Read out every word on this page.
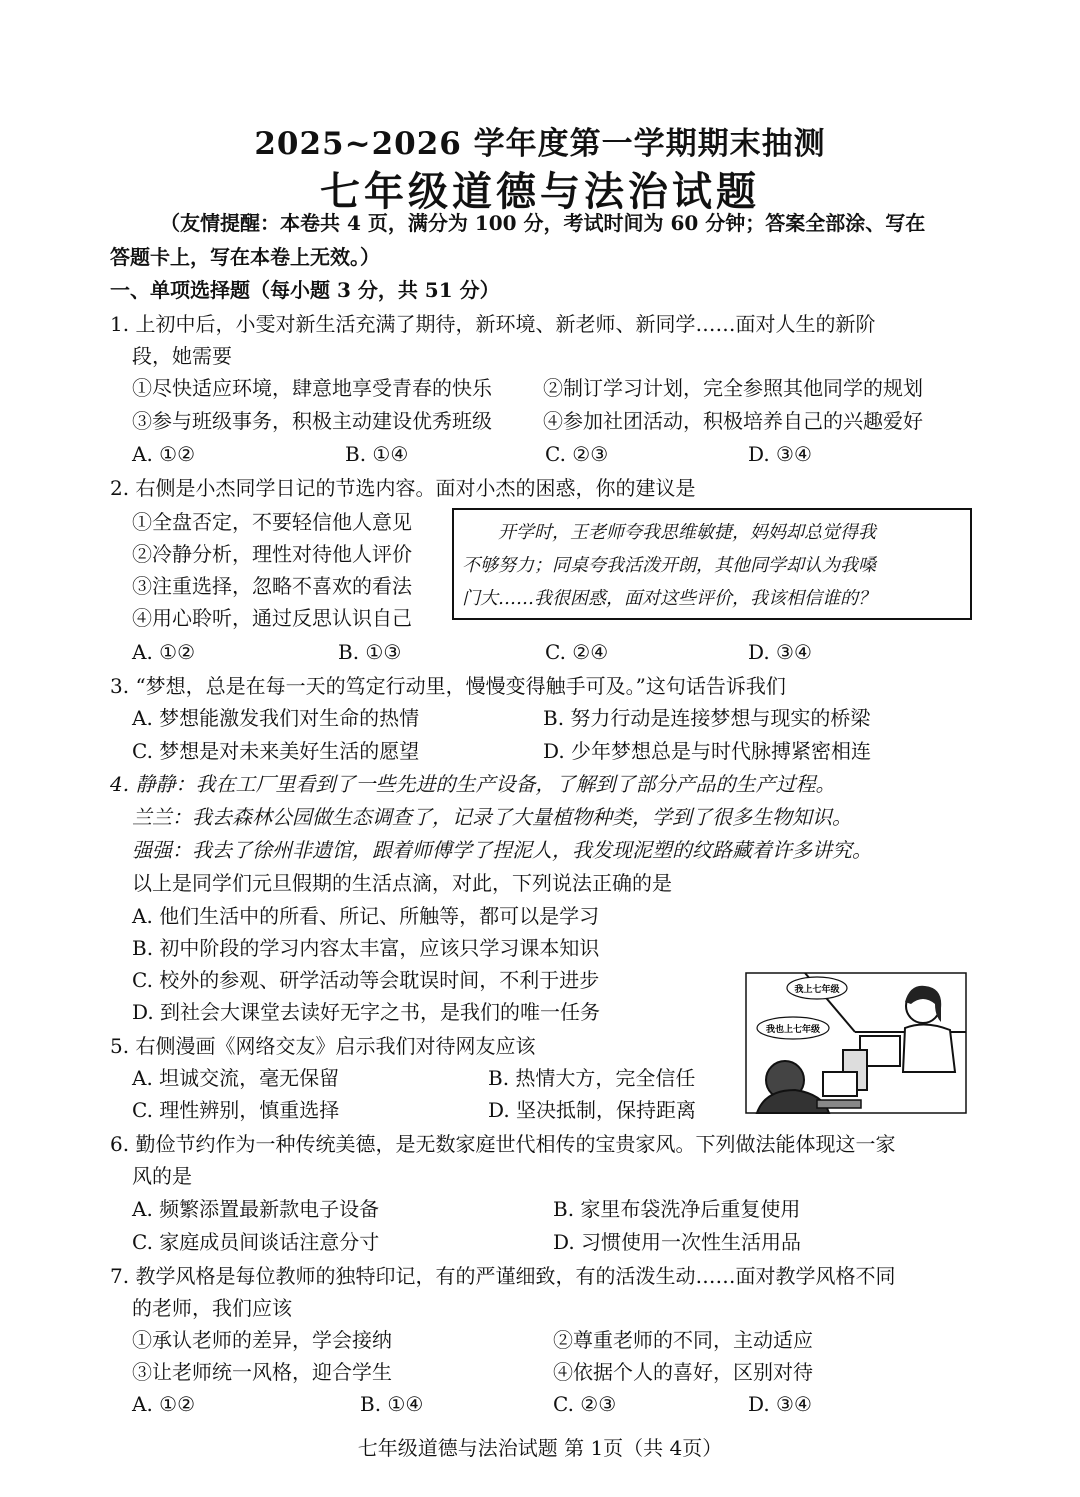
2025~2026 学年度第一学期期末抽测
七年级道德与法治试题
（友情提醒：本卷共 4 页，满分为 100 分，考试时间为 60 分钟；答案全部涂、写在
答题卡上，写在本卷上无效。）
一、单项选择题（每小题 3 分，共 51 分）
1. 上初中后，小雯对新生活充满了期待，新环境、新老师、新同学……面对人生的新阶
段，她需要
①尽快适应环境，肆意地享受青春的快乐	②制订学习计划，完全参照其他同学的规划
③参与班级事务，积极主动建设优秀班级	④参加社团活动，积极培养自己的兴趣爱好
A. ①②	B. ①④	C. ②③	D. ③④
2. 右侧是小杰同学日记的节选内容。面对小杰的困惑，你的建议是
①全盘否定，不要轻信他人意见
②冷静分析，理性对待他人评价
③注重选择，忽略不喜欢的看法
④用心聆听，通过反思认识自己
开学时，王老师夸我思维敏捷，妈妈却总觉得我
不够努力；同桌夸我活泼开朗，其他同学却认为我嗓
门大……我很困惑，面对这些评价，我该相信谁的？
A. ①②	B. ①③	C. ②④	D. ③④
3. “梦想，总是在每一天的笃定行动里，慢慢变得触手可及。”这句话告诉我们
A. 梦想能激发我们对生命的热情	B. 努力行动是连接梦想与现实的桥梁
C. 梦想是对未来美好生活的愿望	D. 少年梦想总是与时代脉搏紧密相连
4. 静静：我在工厂里看到了一些先进的生产设备，了解到了部分产品的生产过程。
兰兰：我去森林公园做生态调查了，记录了大量植物种类，学到了很多生物知识。
强强：我去了徐州非遗馆，跟着师傅学了捏泥人，我发现泥塑的纹路藏着许多讲究。
以上是同学们元旦假期的生活点滴，对此，下列说法正确的是
A. 他们生活中的所看、所记、所触等，都可以是学习
B. 初中阶段的学习内容太丰富，应该只学习课本知识
C. 校外的参观、研学活动等会耽误时间，不利于进步
D. 到社会大课堂去读好无字之书，是我们的唯一任务
5. 右侧漫画《网络交友》启示我们对待网友应该
A. 坦诚交流，毫无保留	B. 热情大方，完全信任
C. 理性辨别，慎重选择	D. 坚决抵制，保持距离
我上七年级
我也上七年级
6. 勤俭节约作为一种传统美德，是无数家庭世代相传的宝贵家风。下列做法能体现这一家
风的是
A. 频繁添置最新款电子设备	B. 家里布袋洗净后重复使用
C. 家庭成员间谈话注意分寸	D. 习惯使用一次性生活用品
7. 教学风格是每位教师的独特印记，有的严谨细致，有的活泼生动……面对教学风格不同
的老师，我们应该
①承认老师的差异，学会接纳	②尊重老师的不同，主动适应
③让老师统一风格，迎合学生	④依据个人的喜好，区别对待
A. ①②	B. ①④	C. ②③	D. ③④
七年级道德与法治试题 第 1页（共 4页）
